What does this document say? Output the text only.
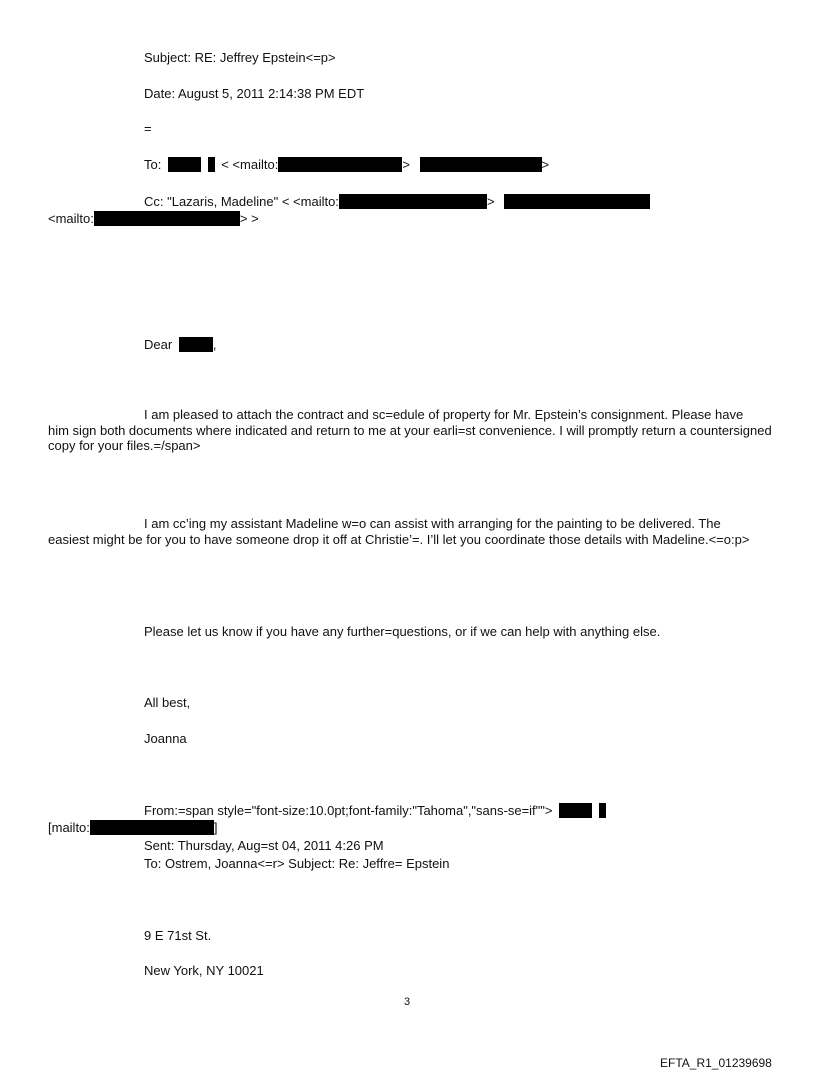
Subject: RE: Jeffrey Epstein<=p>
Date: August 5, 2011 2:14:38 PM EDT
=
To:	< <mailto:	>	>
Cc: "Lazaris, Madeline" < <mailto:	>
<mailto:	> >
Dear	,
I am pleased to attach the contract and sc=edule of property for Mr. Epstein’s consignment. Please have
him sign both documents where indicated and return to me at your earli=st convenience. I will promptly return a countersigned copy for your files.=/span>
I am cc’ing my assistant Madeline w=o can assist with arranging for the painting to be delivered. The
easiest might be for you to have someone drop it off at Christie’=. I’ll let you coordinate those details with Madeline.<=o:p>
Please let us know if you have any further=questions, or if we can help with anything else.
All best,
Joanna
From:=span style="font-size:10.0pt;font-family:"Tahoma","sans-se=if"">
[mailto:	]
Sent: Thursday, Aug=st 04, 2011 4:26 PM
To: Ostrem, Joanna<=r> Subject: Re: Jeffre= Epstein
9 E 71st St.
New York, NY 10021
3
EFTA_R1_01239698
